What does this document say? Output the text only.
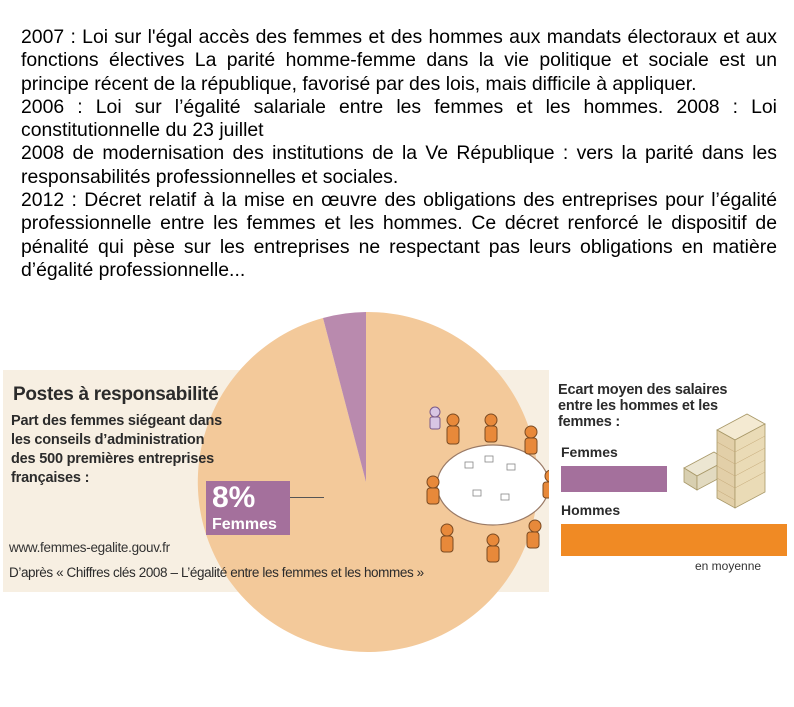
2007 : Loi sur l'égal accès des femmes et des hommes aux mandats électoraux et aux fonctions électives La parité homme-femme dans la vie politique et sociale est un principe récent de la république, favorisé par des lois, mais difficile à appliquer.

2006 : Loi sur l’égalité salariale entre les femmes et les hommes. 2008 : Loi constitutionnelle du 23 juillet

2008 de modernisation des institutions de la Ve République : vers la parité dans les responsabilités professionnelles et sociales.

2012 : Décret relatif à la mise en œuvre des obligations des entreprises pour l’égalité professionnelle entre les femmes et les hommes. Ce décret renforcé le dispositif de pénalité qui pèse sur les entreprises ne respectant pas leurs obligations en matière d’égalité professionnelle...

Postes à responsabilité
Part des femmes siégeant dans les conseils d’administration des 500 premières entreprises françaises :
8%
Femmes
www.femmes-egalite.gouv.fr
D’après « Chiffres clés 2008 – L’égalité entre les femmes et les hommes »
Ecart moyen des salaires entre les hommes et les femmes :
Femmes
Hommes
+ 19%
en moyenne
